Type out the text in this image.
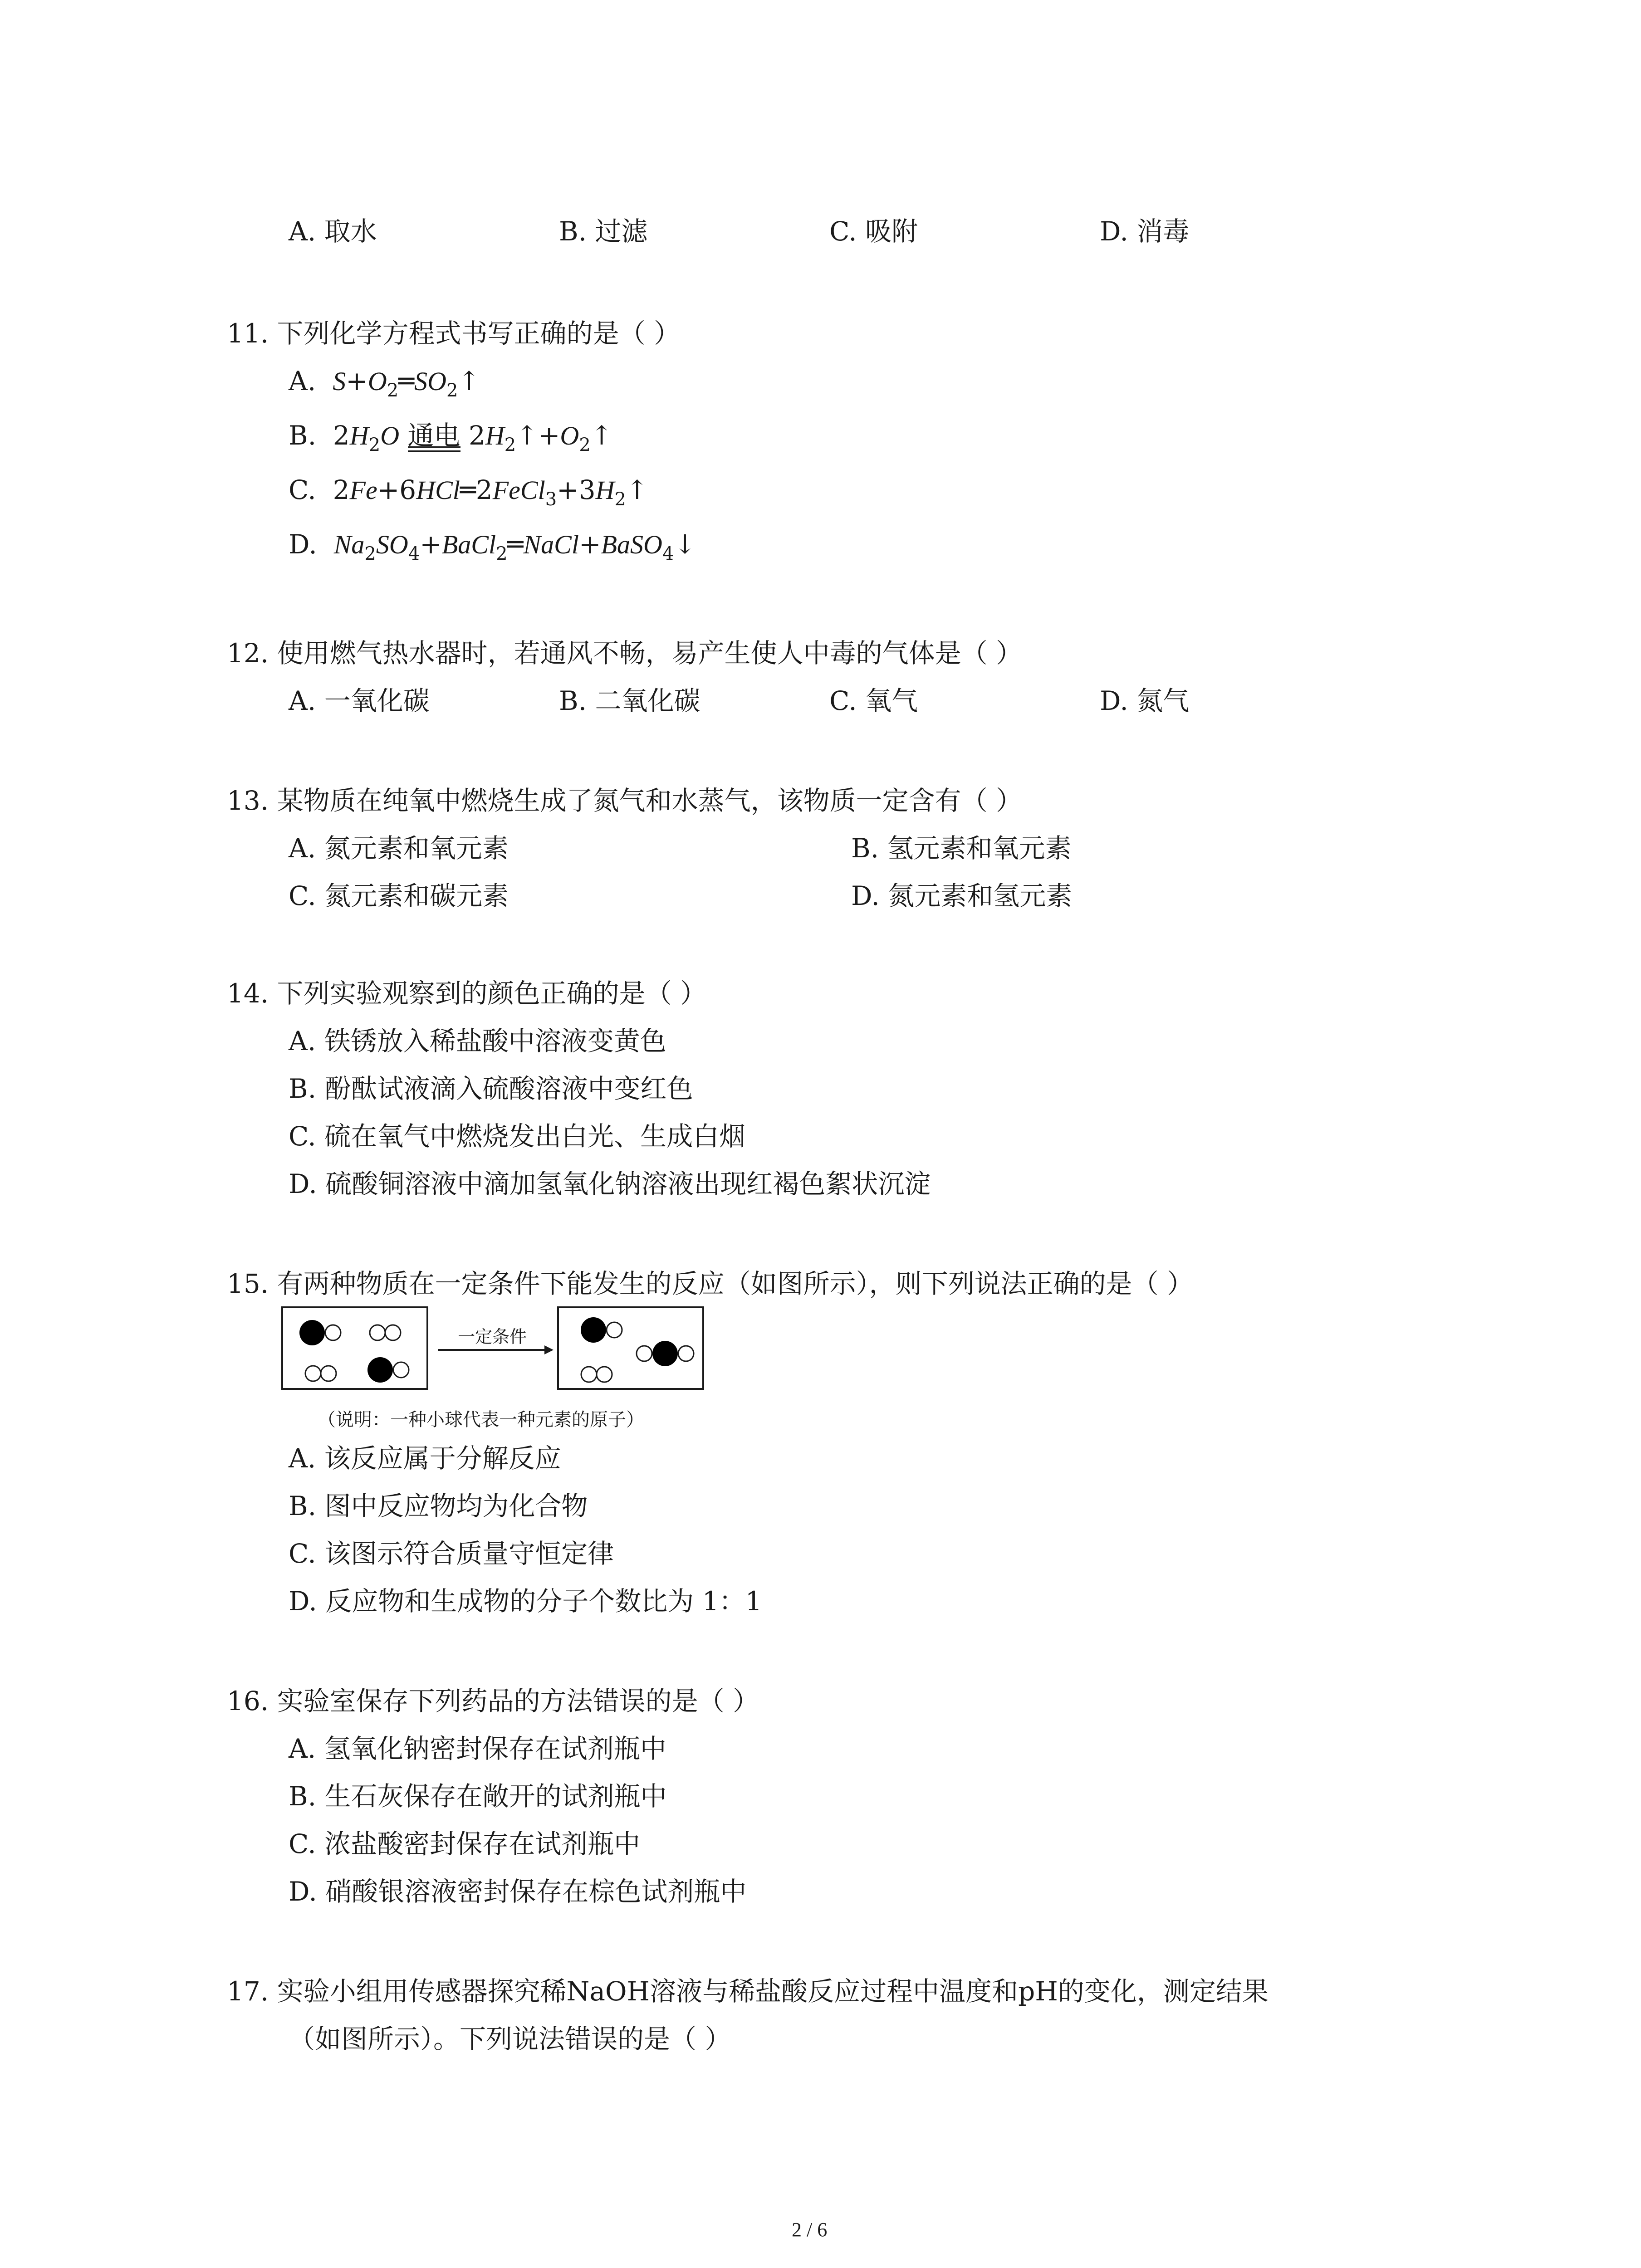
A. 取水	B. 过滤	C. 吸附	D. 消毒
11. 下列化学方程式书写正确的是（ ）
A. $S+O_2═SO_2↑$
B.  $2H_2O$ 通电 $2H_2↑+O_2↑$
C.  $2Fe+6HCl═2FeCl_3+3H_2↑$
D. $Na_2SO_4+BaCl_2═NaCl+BaSO_4↓$
12. 使用燃气热水器时，若通风不畅，易产生使人中毒的气体是（ ）
A. 一氧化碳	B. 二氧化碳	C. 氧气	D. 氮气
13. 某物质在纯氧中燃烧生成了氮气和水蒸气，该物质一定含有（ ）
A. 氮元素和氧元素	B. 氢元素和氧元素
C. 氮元素和碳元素	D. 氮元素和氢元素
14. 下列实验观察到的颜色正确的是（ ）
A. 铁锈放入稀盐酸中溶液变黄色
B. 酚酞试液滴入硫酸溶液中变红色
C. 硫在氧气中燃烧发出白光、生成白烟
D. 硫酸铜溶液中滴加氢氧化钠溶液出现红褐色絮状沉淀
15. 有两种物质在一定条件下能发生的反应（如图所示），则下列说法正确的是（ ）
一定条件
（说明：一种小球代表一种元素的原子）
A. 该反应属于分解反应
B. 图中反应物均为化合物
C. 该图示符合质量守恒定律
D. 反应物和生成物的分子个数比为 1：1
16. 实验室保存下列药品的方法错误的是（ ）
A. 氢氧化钠密封保存在试剂瓶中
B. 生石灰保存在敞开的试剂瓶中
C. 浓盐酸密封保存在试剂瓶中
D. 硝酸银溶液密封保存在棕色试剂瓶中
17. 实验小组用传感器探究稀NaOH溶液与稀盐酸反应过程中温度和pH的变化，测定结果
（如图所示）。下列说法错误的是（ ）
2 / 6
